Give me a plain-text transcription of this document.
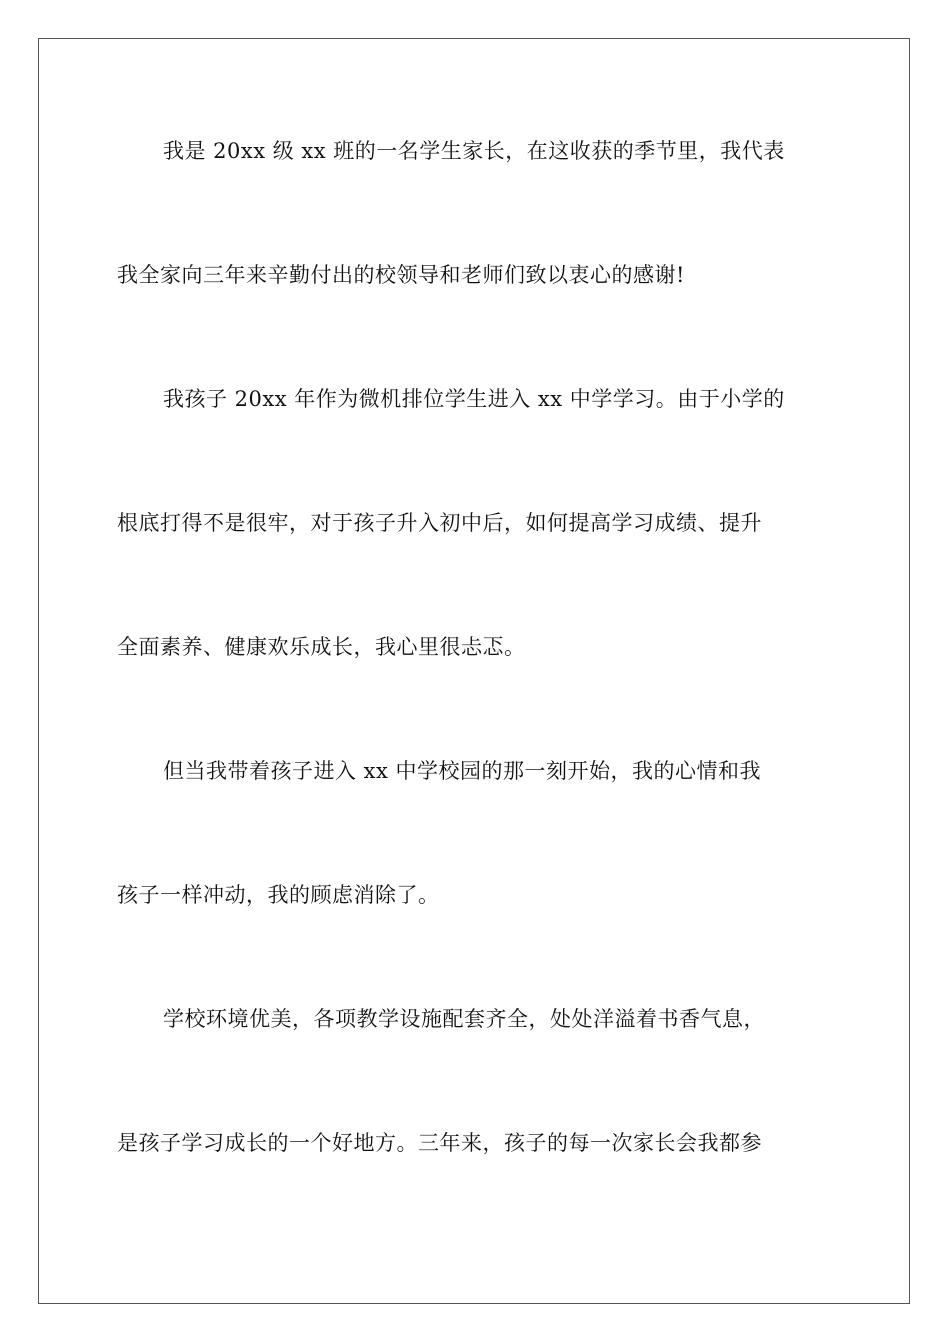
我是 20xx 级 xx 班的一名学生家长，在这收获的季节里，我代表
我全家向三年来辛勤付出的校领导和老师们致以衷心的感谢!
我孩子 20xx 年作为微机排位学生进入 xx 中学学习。由于小学的
根底打得不是很牢，对于孩子升入初中后，如何提高学习成绩、提升
全面素养、健康欢乐成长，我心里很忐忑。
但当我带着孩子进入 xx 中学校园的那一刻开始，我的心情和我
孩子一样冲动，我的顾虑消除了。
学校环境优美，各项教学设施配套齐全，处处洋溢着书香气息，
是孩子学习成长的一个好地方。三年来，孩子的每一次家长会我都参
